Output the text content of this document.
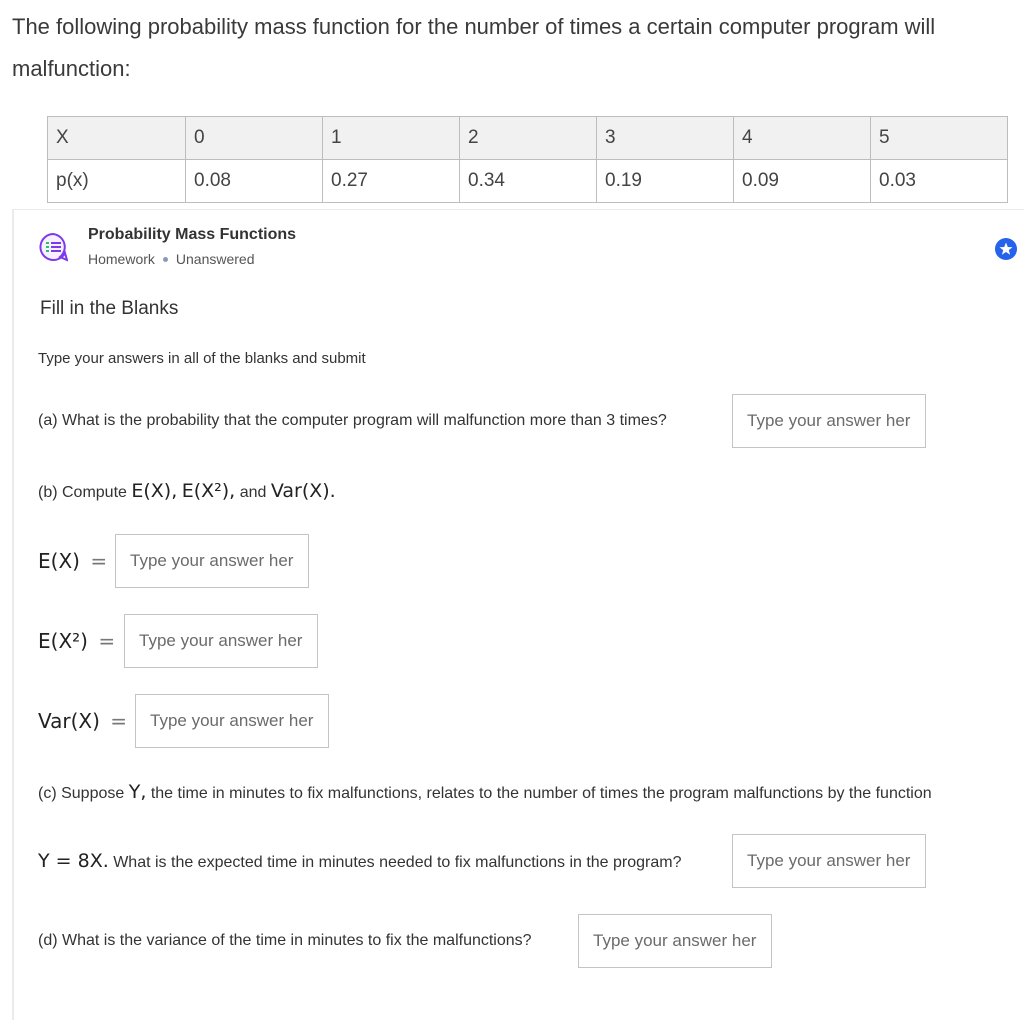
The following probability mass function for the number of times a certain computer program will malfunction:
X	0	1	2	3	4	5
p(x)	0.08	0.27	0.34	0.19	0.09	0.03
Probability Mass Functions
Homework Unanswered
Fill in the Blanks
Type your answers in all of the blanks and submit
(a) What is the probability that the computer program will malfunction more than 3 times?
Type your answer here
(b) Compute E(X), E(X²), and Var(X).
E(X) =
Type your answer here
E(X²) =
Type your answer here
Var(X) =
Type your answer here
(c) Suppose Y, the time in minutes to fix malfunctions, relates to the number of times the program malfunctions by the function
Y = 8X. What is the expected time in minutes needed to fix malfunctions in the program?
Type your answer here
(d) What is the variance of the time in minutes to fix the malfunctions?
Type your answer here
